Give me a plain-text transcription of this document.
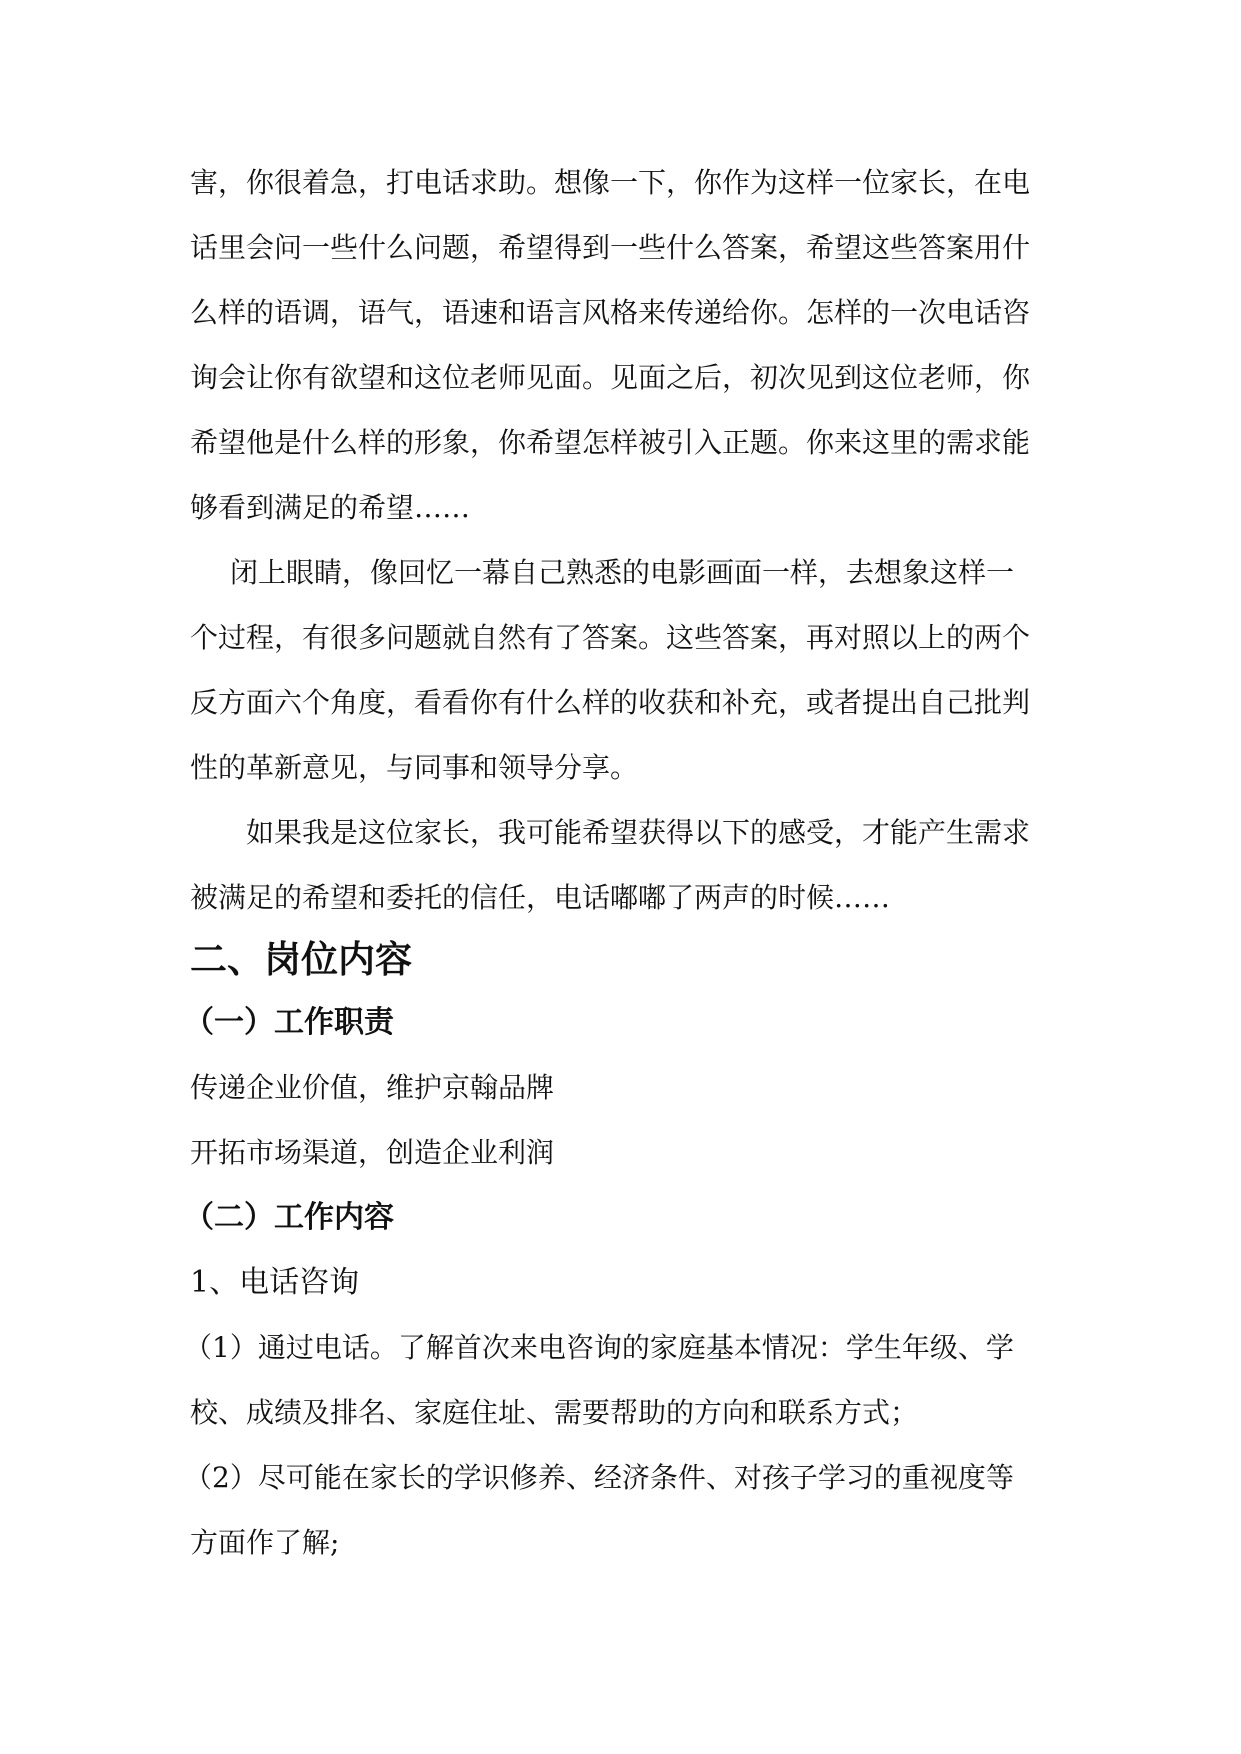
害，你很着急，打电话求助。想像一下，你作为这样一位家长，在电
话里会问一些什么问题，希望得到一些什么答案，希望这些答案用什
么样的语调，语气，语速和语言风格来传递给你。怎样的一次电话咨
询会让你有欲望和这位老师见面。见面之后，初次见到这位老师，你
希望他是什么样的形象，你希望怎样被引入正题。你来这里的需求能
够看到满足的希望……

闭上眼睛，像回忆一幕自己熟悉的电影画面一样，去想象这样一
个过程，有很多问题就自然有了答案。这些答案，再对照以上的两个
反方面六个角度，看看你有什么样的收获和补充，或者提出自己批判
性的革新意见，与同事和领导分享。

如果我是这位家长，我可能希望获得以下的感受，才能产生需求
被满足的希望和委托的信任，电话嘟嘟了两声的时候……

二、岗位内容
（一）工作职责

传递企业价值，维护京翰品牌

开拓市场渠道，创造企业利润

（二）工作内容

1、电话咨询

（1）通过电话。了解首次来电咨询的家庭基本情况：学生年级、学
校、成绩及排名、家庭住址、需要帮助的方向和联系方式；

（2）尽可能在家长的学识修养、经济条件、对孩子学习的重视度等
方面作了解;
